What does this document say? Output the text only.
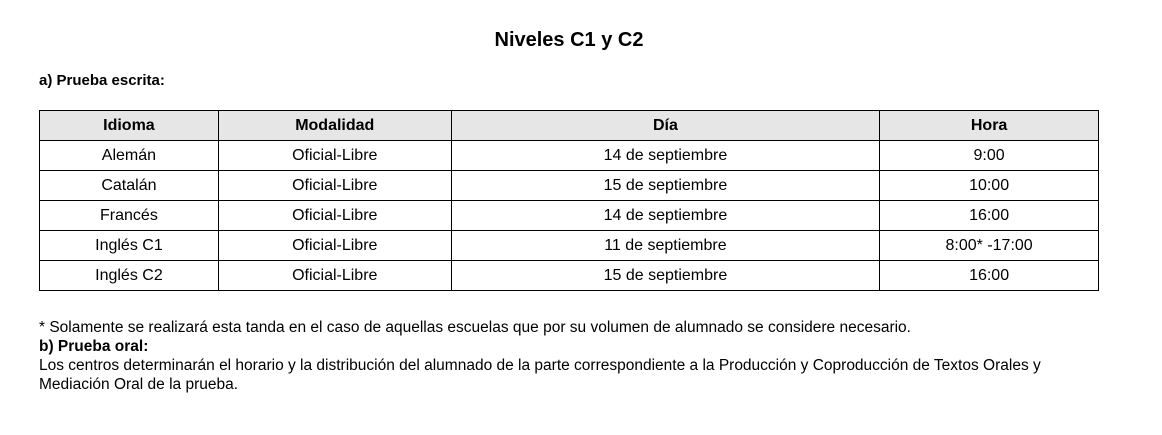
Niveles C1 y C2
a) Prueba escrita:
Idioma	Modalidad	Día	Hora
Alemán	Oficial-Libre	14 de septiembre	9:00
Catalán	Oficial-Libre	15 de septiembre	10:00
Francés	Oficial-Libre	14 de septiembre	16:00
Inglés C1	Oficial-Libre	11 de septiembre	8:00* -17:00
Inglés C2	Oficial-Libre	15 de septiembre	16:00

* Solamente se realizará esta tanda en el caso de aquellas escuelas que por su volumen de alumnado se considere necesario.

b) Prueba oral:

Los centros determinarán el horario y la distribución del alumnado de la parte correspondiente a la Producción y Coproducción de Textos Orales y Mediación Oral de la prueba.
